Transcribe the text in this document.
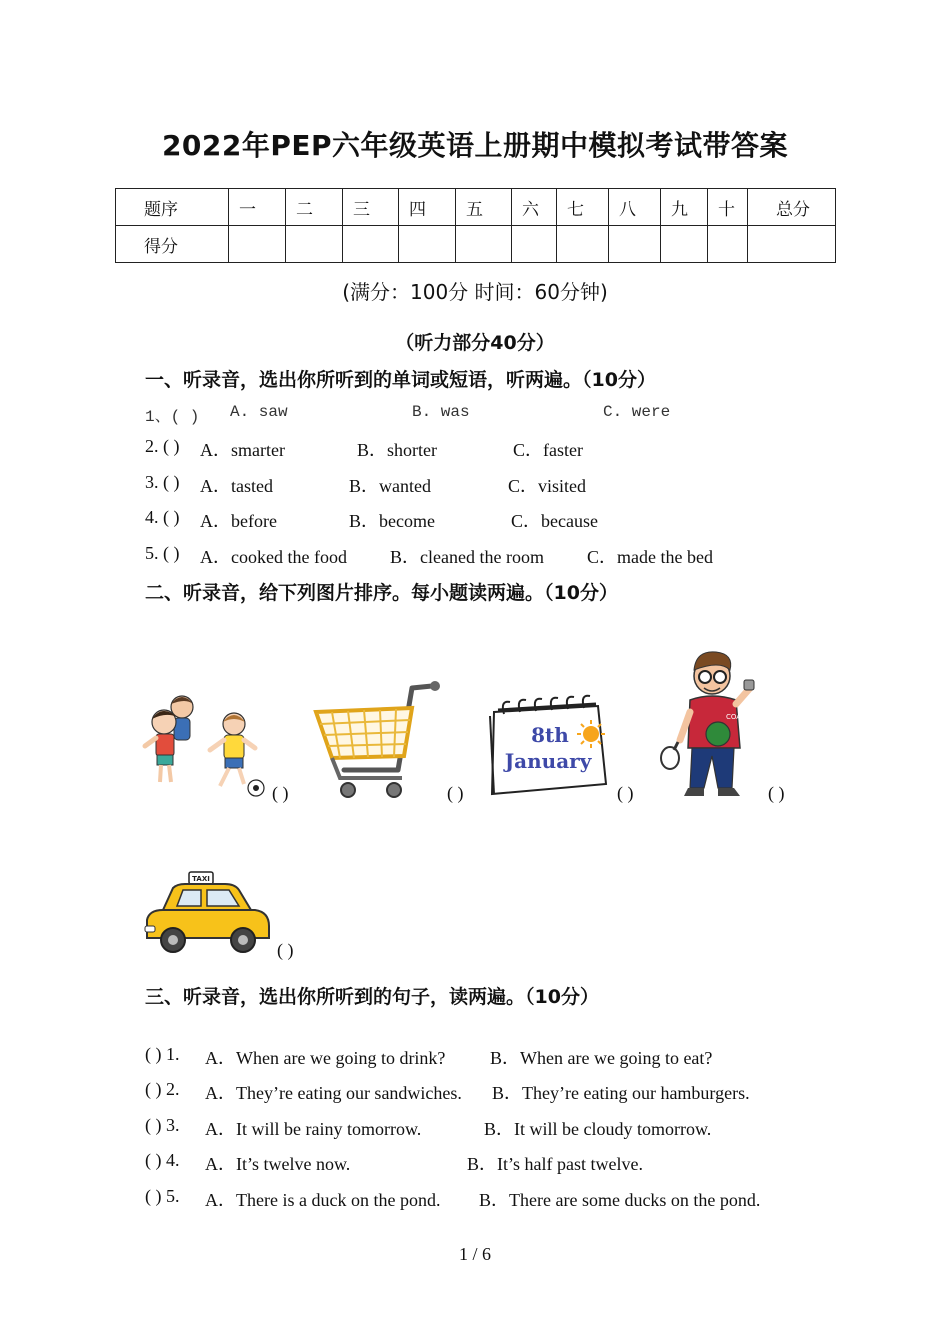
2022年PEP六年级英语上册期中模拟考试带答案
题序	一	二	三	四	五	六	七	八	九	十	总分
得分											
(满分：100分 时间：60分钟)
（听力部分40分）
一、听录音，选出你所听到的单词或短语，听两遍。（10分）
1、( ) A. saw	B. was	C. were
2. ( ) A．smarter	B．shorter	C．faster
3. ( ) A．tasted	B．wanted	C．visited
4. ( ) A．before	B．become	C．because
5. ( ) A．cooked the food B．cleaned the room C．made the bed
二、听录音，给下列图片排序。每小题读两遍。（10分）
( )	( )
8th
January
( )
COACH
( )
TAXI
( )
三、听录音，选出你所听到的句子，读两遍。（10分）
( ) 1. A．When are we going to drink? B．When are we going to eat?
( ) 2. A．They’re eating our sandwiches. B．They’re eating our hamburgers.
( ) 3. A．It will be rainy tomorrow.	B．It will be cloudy tomorrow.
( ) 4. A．It’s twelve now.	B．It’s half past twelve.
( ) 5. A．There is a duck on the pond. B．There are some ducks on the pond.
1 / 6
